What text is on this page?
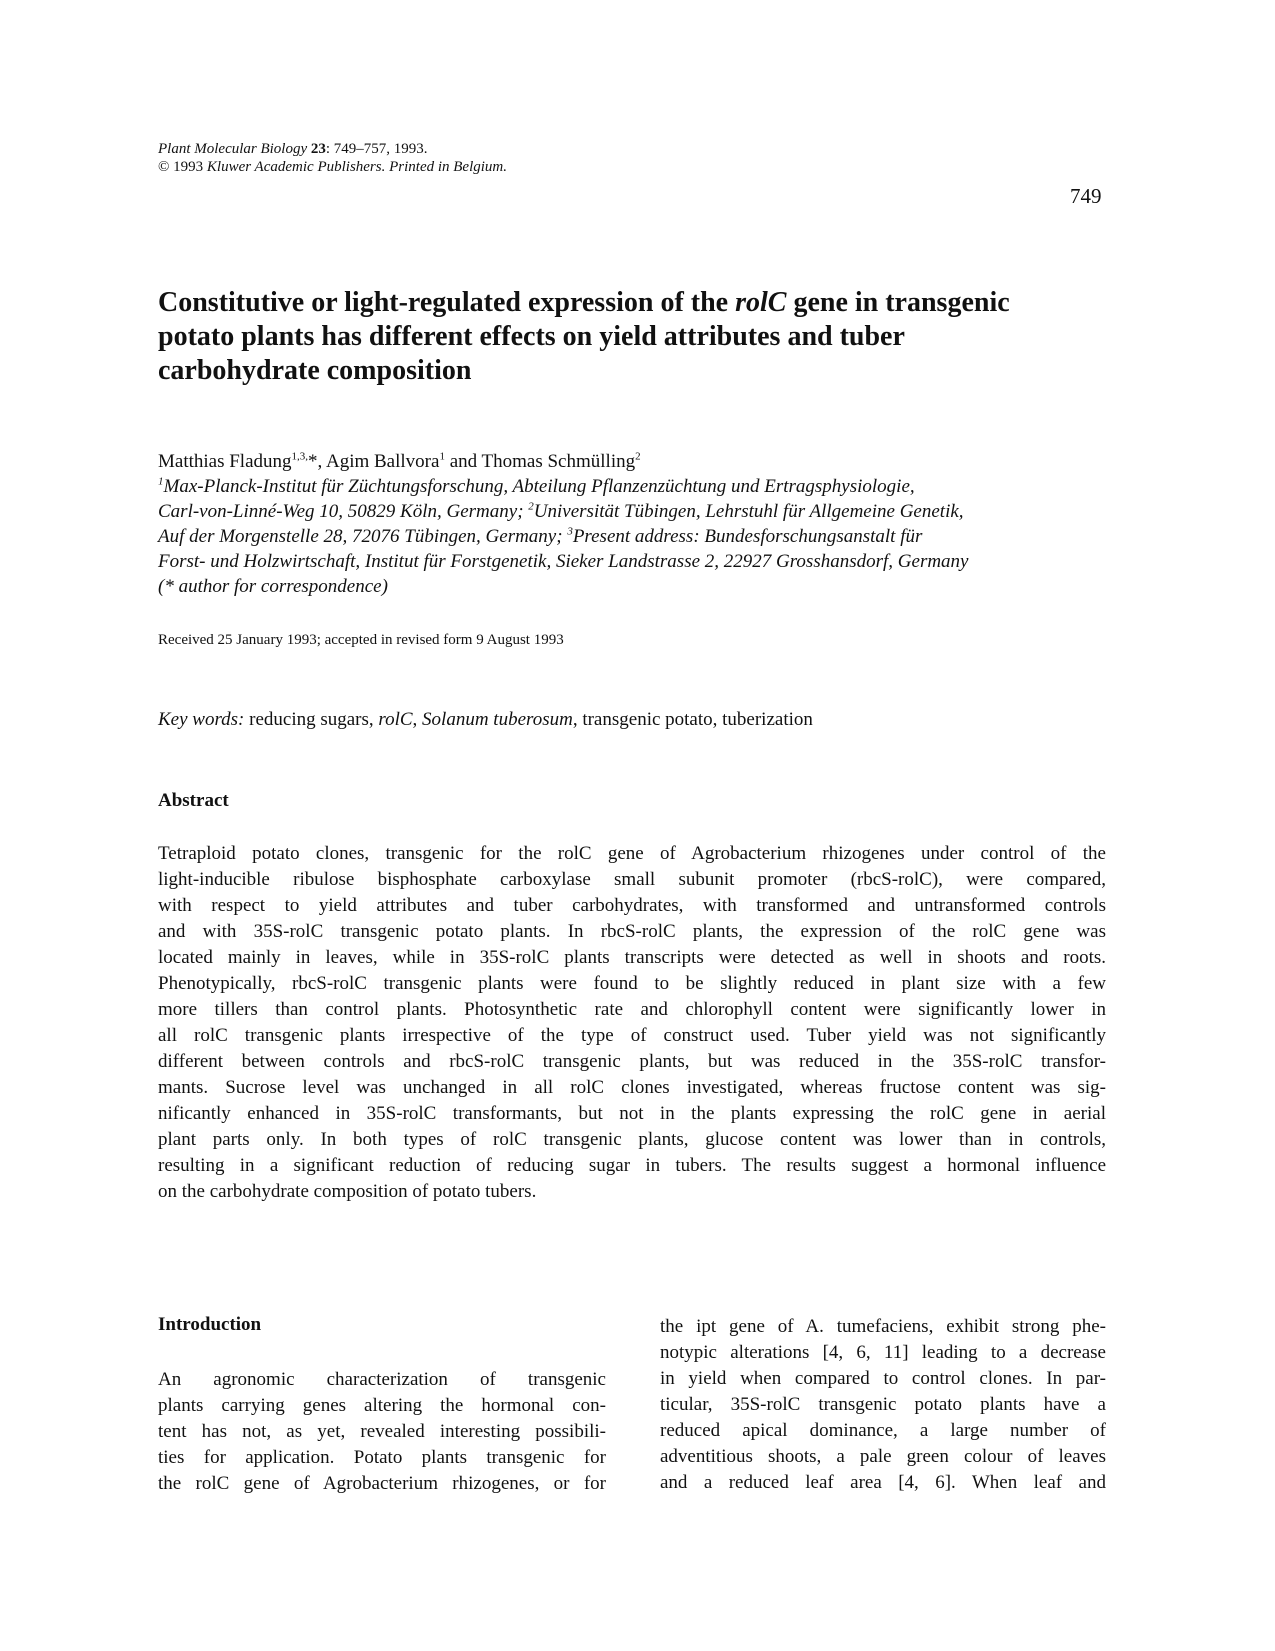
Plant Molecular Biology 23: 749–757, 1993.
© 1993 Kluwer Academic Publishers. Printed in Belgium.
749
Constitutive or light-regulated expression of the rolC gene in transgenic
potato plants has different effects on yield attributes and tuber
carbohydrate composition
Matthias Fladung$^{1,3,}$*, Agim Ballvora$^1$ and Thomas Schmülling$^2$
$^1$Max-Planck-Institut für Züchtungsforschung, Abteilung Pflanzenzüchtung und Ertragsphysiologie,
Carl-von-Linné-Weg 10, 50829 Köln, Germany; $^2$Universität Tübingen, Lehrstuhl für Allgemeine Genetik,
Auf der Morgenstelle 28, 72076 Tübingen, Germany; $^3$Present address: Bundesforschungsanstalt für
Forst- und Holzwirtschaft, Institut für Forstgenetik, Sieker Landstrasse 2, 22927 Grosshansdorf, Germany
(* author for correspondence)
Received 25 January 1993; accepted in revised form 9 August 1993
Key words: reducing sugars, rolC, Solanum tuberosum, transgenic potato, tuberization
Abstract
Tetraploid potato clones, transgenic for the rolC gene of Agrobacterium rhizogenes under control of the
light-inducible ribulose bisphosphate carboxylase small subunit promoter (rbcS-rolC), were compared,
with respect to yield attributes and tuber carbohydrates, with transformed and untransformed controls
and with 35S-rolC transgenic potato plants. In rbcS-rolC plants, the expression of the rolC gene was
located mainly in leaves, while in 35S-rolC plants transcripts were detected as well in shoots and roots.
Phenotypically, rbcS-rolC transgenic plants were found to be slightly reduced in plant size with a few
more tillers than control plants. Photosynthetic rate and chlorophyll content were significantly lower in
all rolC transgenic plants irrespective of the type of construct used. Tuber yield was not significantly
different between controls and rbcS-rolC transgenic plants, but was reduced in the 35S-rolC transfor-
mants. Sucrose level was unchanged in all rolC clones investigated, whereas fructose content was sig-
nificantly enhanced in 35S-rolC transformants, but not in the plants expressing the rolC gene in aerial
plant parts only. In both types of rolC transgenic plants, glucose content was lower than in controls,
resulting in a significant reduction of reducing sugar in tubers. The results suggest a hormonal influence
on the carbohydrate composition of potato tubers.
Introduction
An agronomic characterization of transgenic
plants carrying genes altering the hormonal con-
tent has not, as yet, revealed interesting possibili-
ties for application. Potato plants transgenic for
the rolC gene of Agrobacterium rhizogenes, or for
the ipt gene of A. tumefaciens, exhibit strong phe-
notypic alterations [4, 6, 11] leading to a decrease
in yield when compared to control clones. In par-
ticular, 35S-rolC transgenic potato plants have a
reduced apical dominance, a large number of
adventitious shoots, a pale green colour of leaves
and a reduced leaf area [4, 6]. When leaf and
